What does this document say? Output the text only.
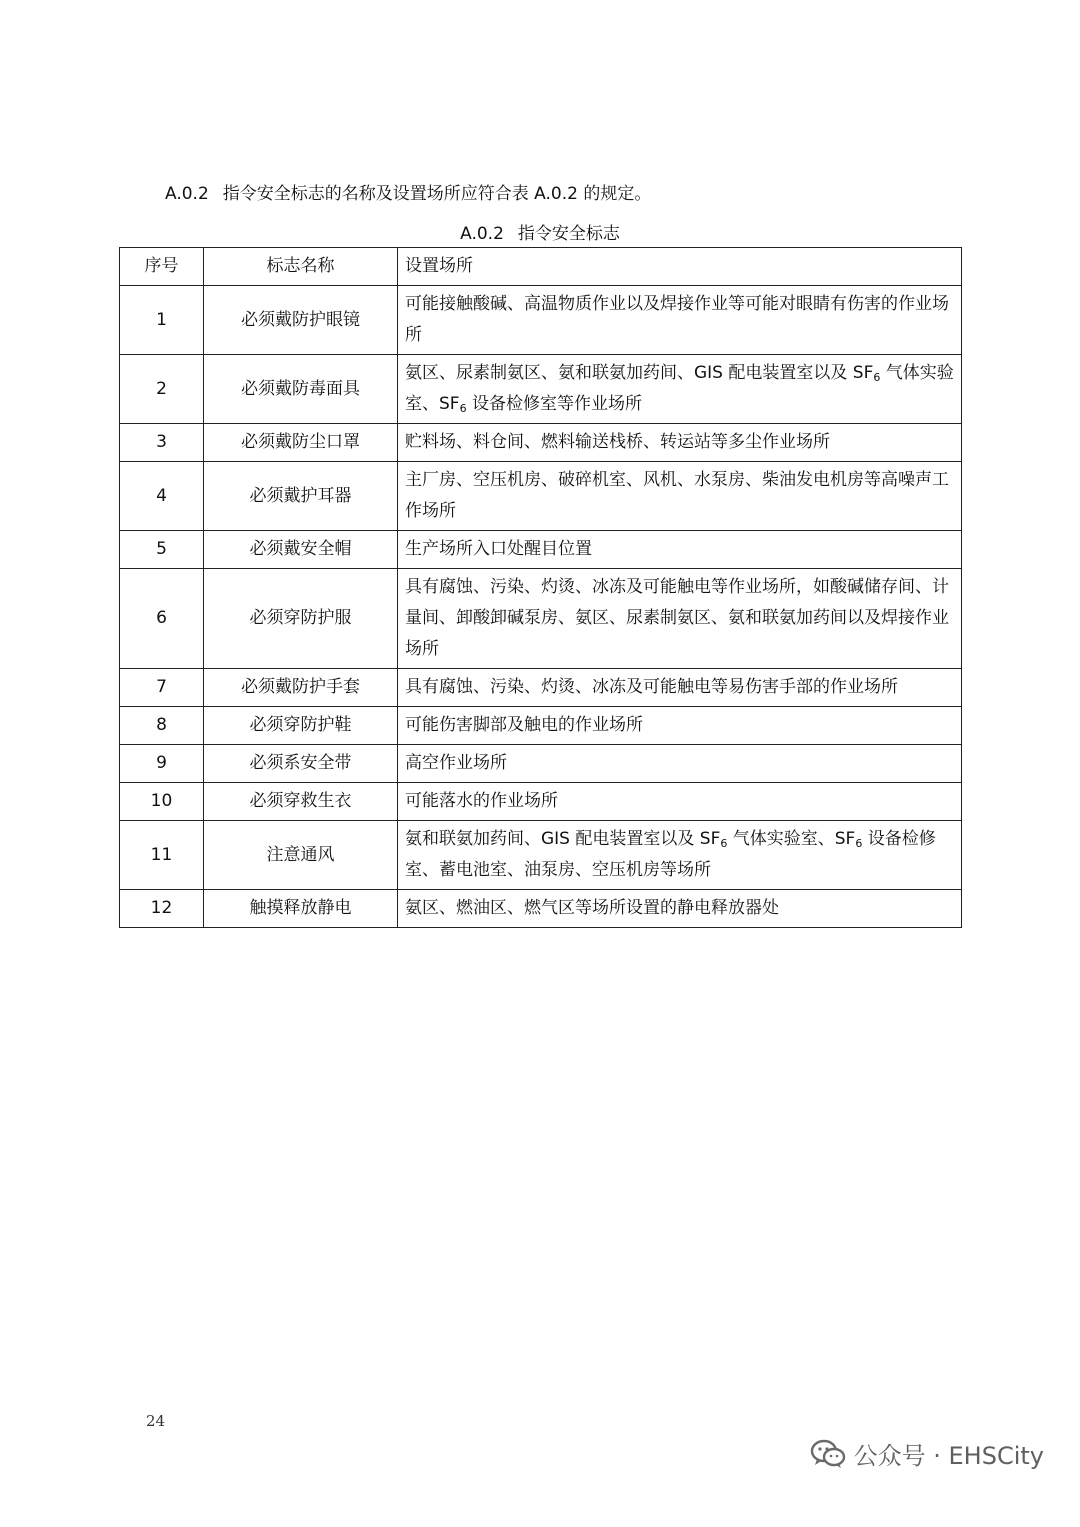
A.0.2 指令安全标志的名称及设置场所应符合表 A.0.2 的规定。
A.0.2 指令安全标志
序号	标志名称	设置场所
1	必须戴防护眼镜	可能接触酸碱、高温物质作业以及焊接作业等可能对眼睛有伤害的作业场所
2	必须戴防毒面具	氨区、尿素制氨区、氨和联氨加药间、GIS 配电装置室以及 $SF_6$ 气体实验室、$SF_6$ 设备检修室等作业场所
3	必须戴防尘口罩	贮料场、料仓间、燃料输送栈桥、转运站等多尘作业场所
4	必须戴护耳器	主厂房、空压机房、破碎机室、风机、水泵房、柴油发电机房等高噪声工作场所
5	必须戴安全帽	生产场所入口处醒目位置
6	必须穿防护服	具有腐蚀、污染、灼烫、冰冻及可能触电等作业场所，如酸碱储存间、计量间、卸酸卸碱泵房、氨区、尿素制氨区、氨和联氨加药间以及焊接作业场所
7	必须戴防护手套	具有腐蚀、污染、灼烫、冰冻及可能触电等易伤害手部的作业场所
8	必须穿防护鞋	可能伤害脚部及触电的作业场所
9	必须系安全带	高空作业场所
10	必须穿救生衣	可能落水的作业场所
11	注意通风	氨和联氨加药间、GIS 配电装置室以及 $SF_6$ 气体实验室、$SF_6$ 设备检修室、蓄电池室、油泵房、空压机房等场所
12	触摸释放静电	氨区、燃油区、燃气区等场所设置的静电释放器处
24
公众号 · EHSCity
